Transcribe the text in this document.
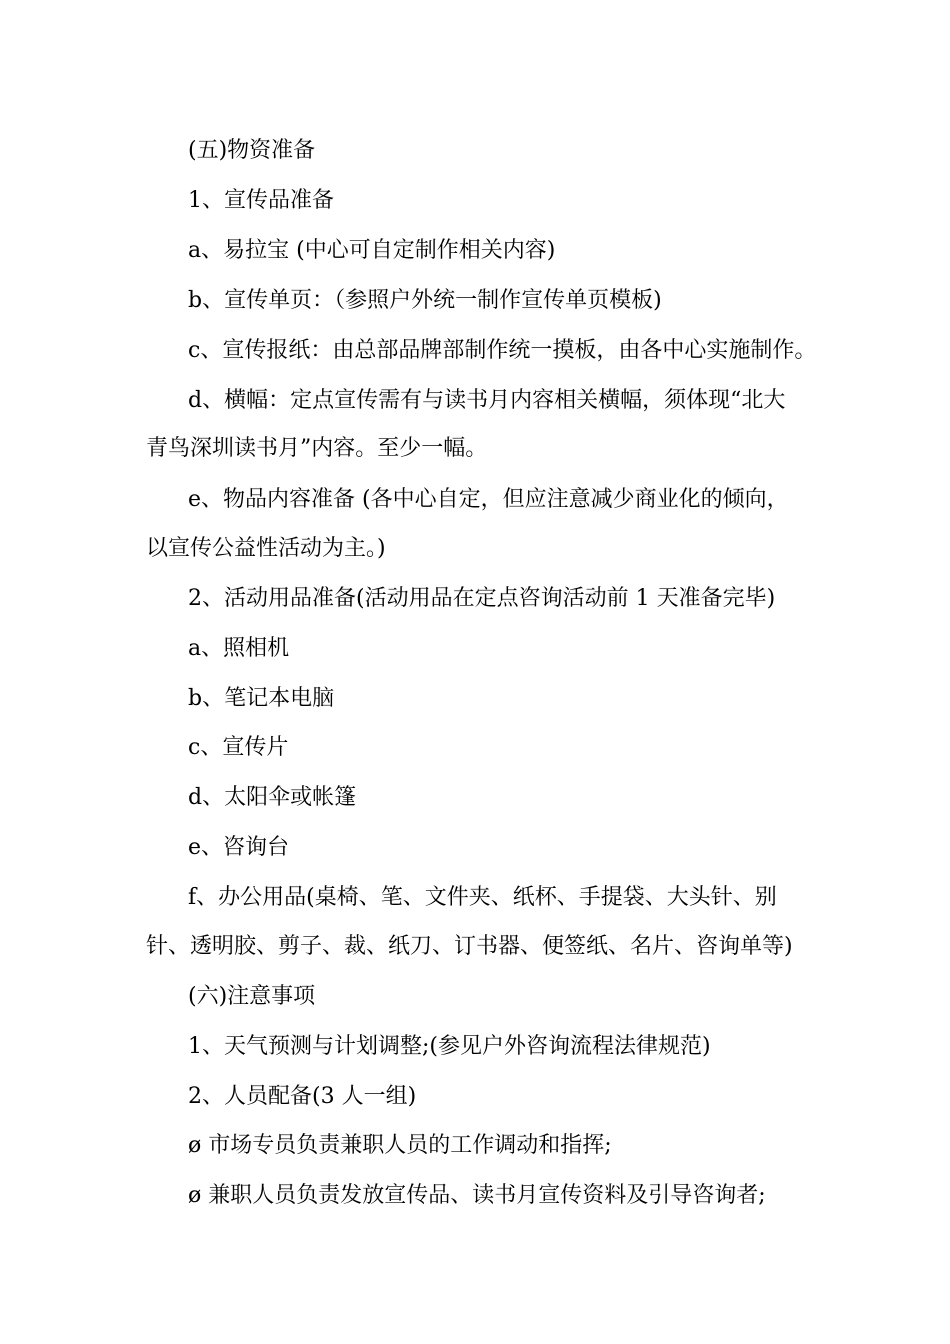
(五)物资准备
1、宣传品准备
a、易拉宝 (中心可自定制作相关内容)
b、宣传单页：（参照户外统一制作宣传单页模板)
c、宣传报纸：由总部品牌部制作统一摸板，由各中心实施制作。
d、横幅：定点宣传需有与读书月内容相关横幅，须体现“北大
青鸟深圳读书月”内容。至少一幅。
e、物品内容准备 (各中心自定，但应注意减少商业化的倾向，
以宣传公益性活动为主。)
2、活动用品准备(活动用品在定点咨询活动前 1 天准备完毕)
a、照相机
b、笔记本电脑
c、宣传片
d、太阳伞或帐篷
e、咨询台
f、办公用品(桌椅、笔、文件夹、纸杯、手提袋、大头针、别
针、透明胶、剪子、裁、纸刀、订书器、便签纸、名片、咨询单等)
(六)注意事项
1、天气预测与计划调整;(参见户外咨询流程法律规范)
2、人员配备(3 人一组)
ø 市场专员负责兼职人员的工作调动和指挥;
ø 兼职人员负责发放宣传品、读书月宣传资料及引导咨询者;
